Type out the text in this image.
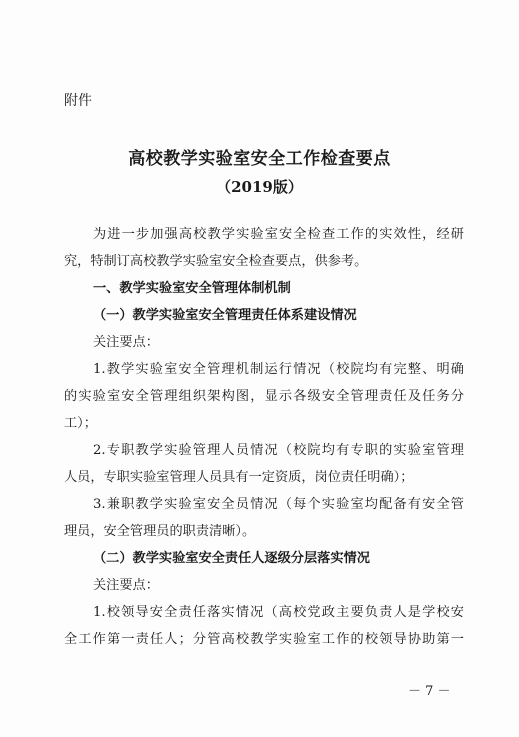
附件
高校教学实验室安全工作检查要点
（2019版）
为进一步加强高校教学实验室安全检查工作的实效性，经研
究，特制订高校教学实验室安全检查要点，供参考。
一、教学实验室安全管理体制机制
（一）教学实验室安全管理责任体系建设情况
关注要点：
1.教学实验室安全管理机制运行情况（校院均有完整、明确
的实验室安全管理组织架构图，显示各级安全管理责任及任务分
工）；
2.专职教学实验管理人员情况（校院均有专职的实验室管理
人员，专职实验室管理人员具有一定资质，岗位责任明确）；
3.兼职教学实验室安全员情况（每个实验室均配备有安全管
理员，安全管理员的职责清晰）。
（二）教学实验室安全责任人逐级分层落实情况
关注要点：
1.校领导安全责任落实情况（高校党政主要负责人是学校安
全工作第一责任人；分管高校教学实验室工作的校领导协助第一
－ 7 －
